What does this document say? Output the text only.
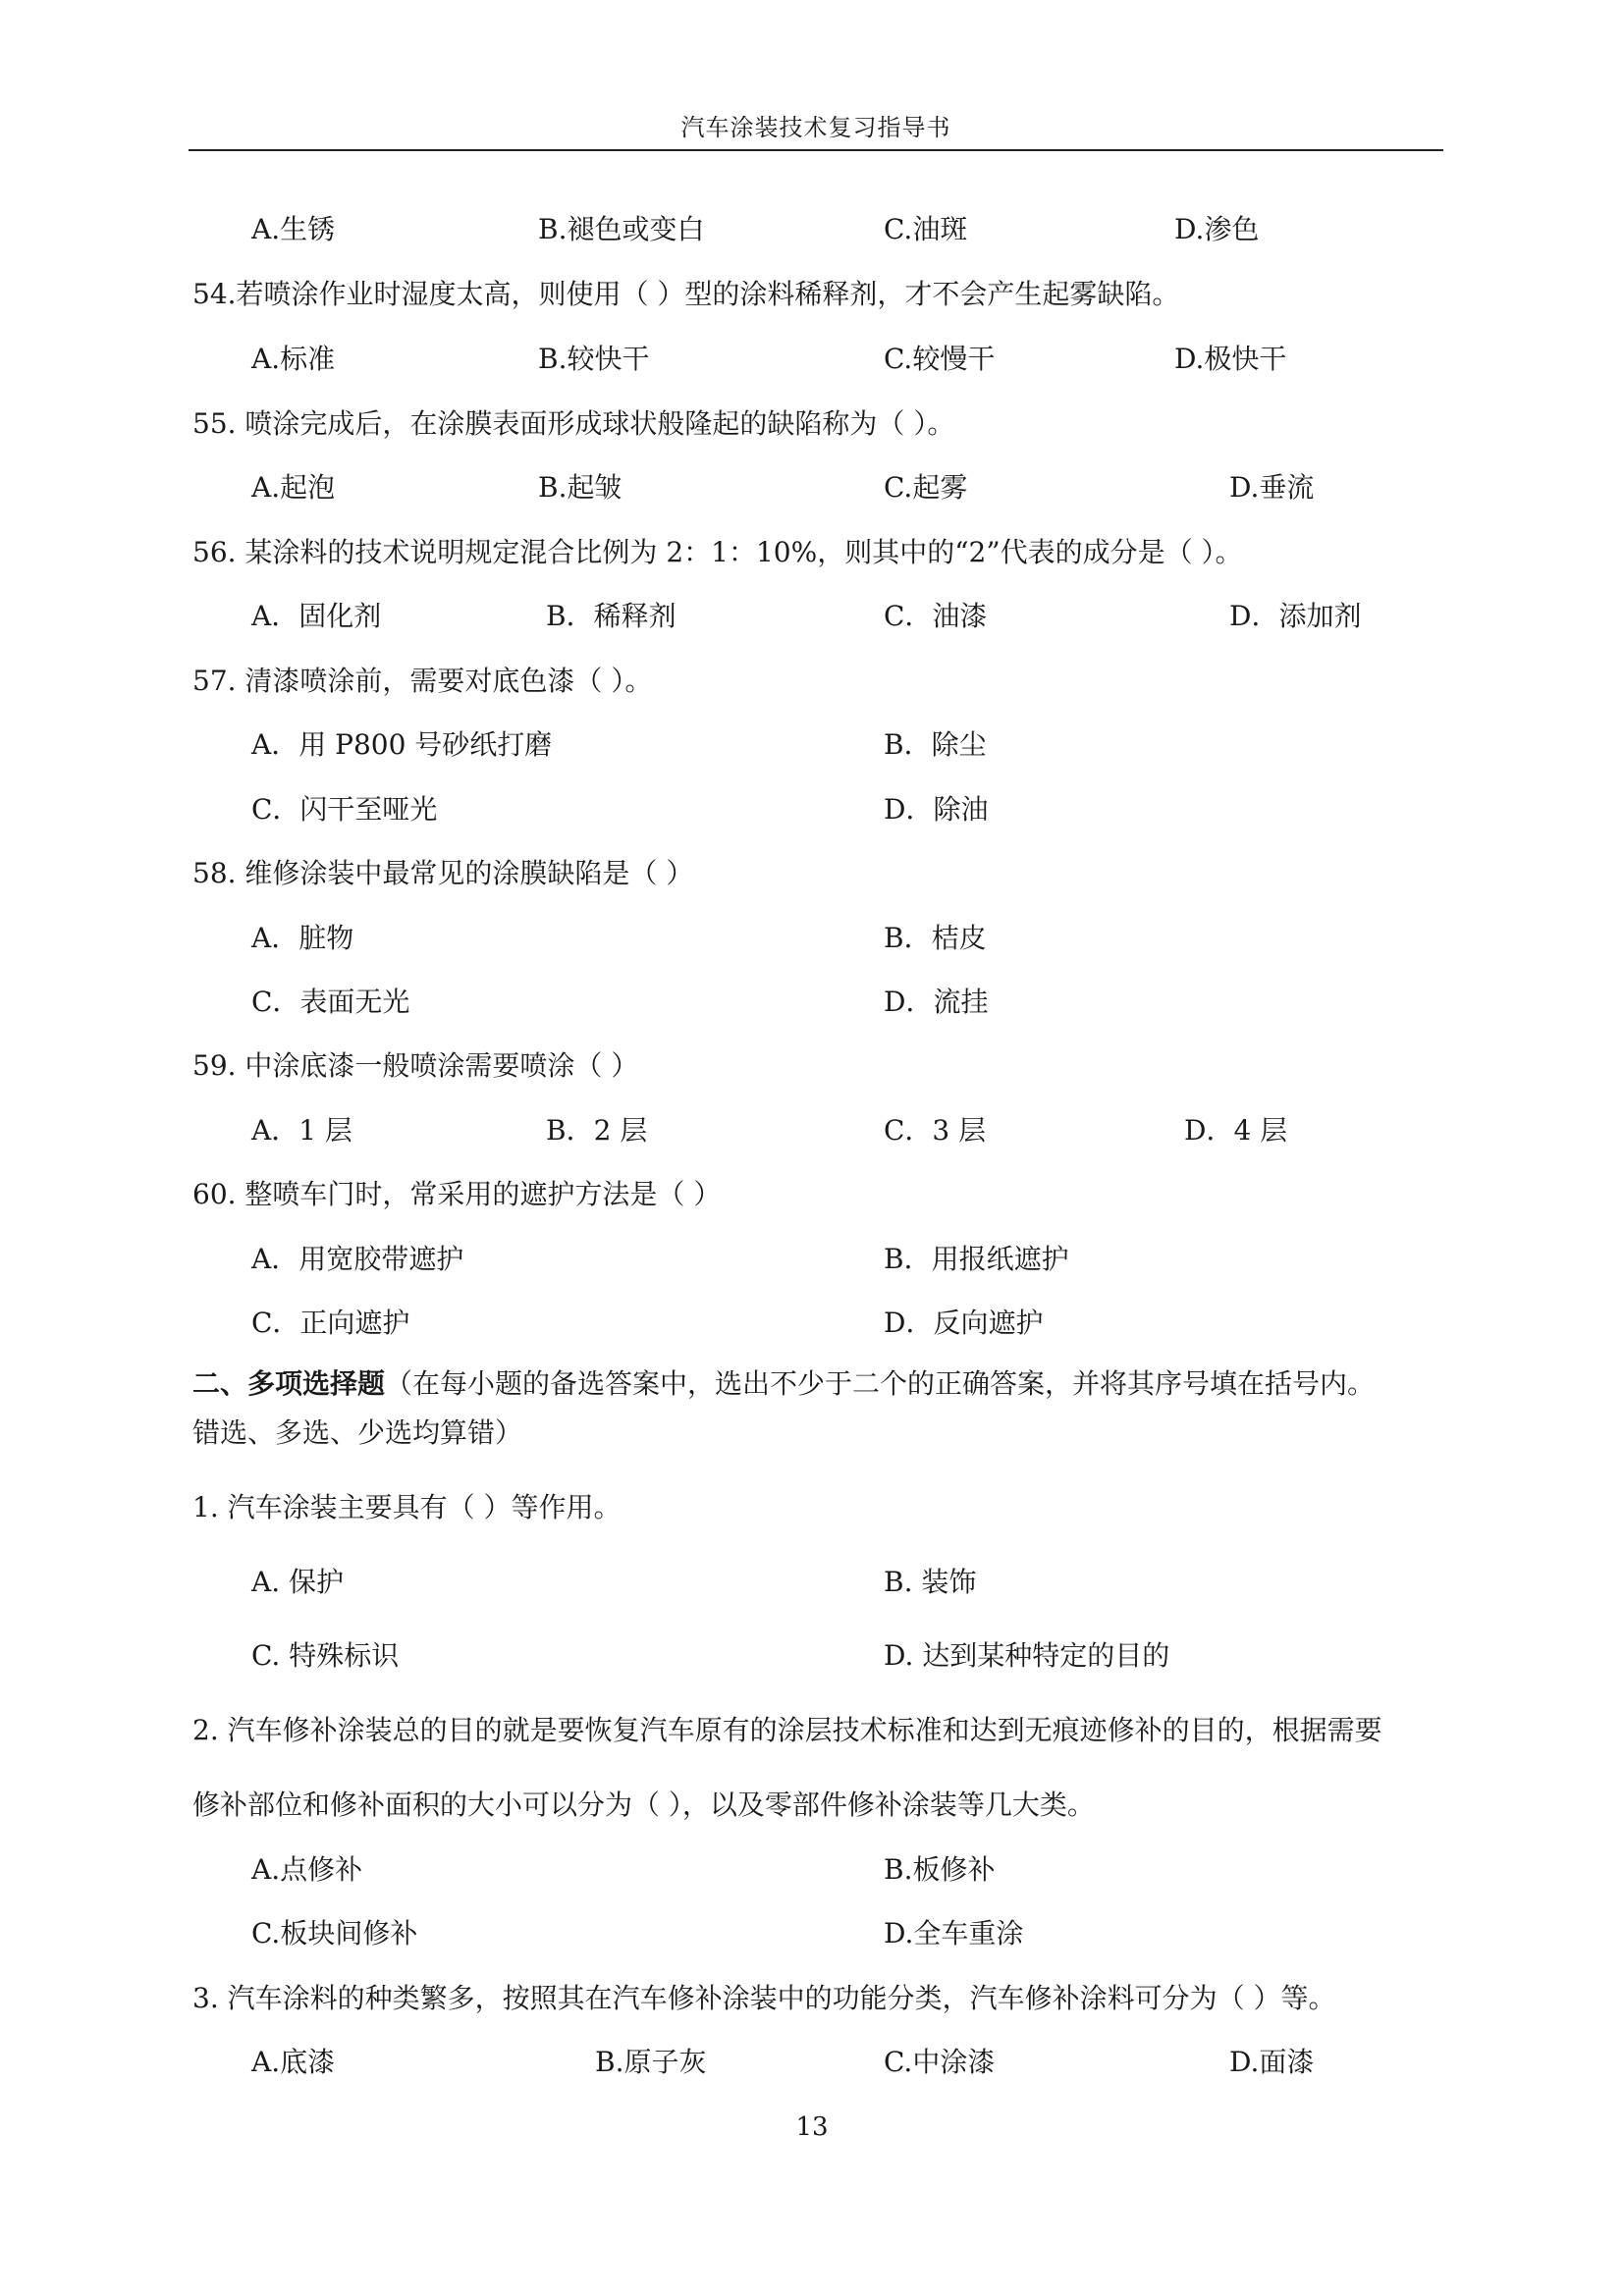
汽车涂装技术复习指导书
A.生锈	B.褪色或变白	C.油斑	D.渗色
54.若喷涂作业时湿度太高，则使用（ ）型的涂料稀释剂，才不会产生起雾缺陷。
A.标准	B.较快干	C.较慢干	D.极快干
55. 喷涂完成后，在涂膜表面形成球状般隆起的缺陷称为（ ）。
A.起泡	B.起皱	C.起雾	D.垂流
56. 某涂料的技术说明规定混合比例为 2：1：10%，则其中的“2”代表的成分是（ ）。
A．固化剂	B．稀释剂	C．油漆	D．添加剂
57. 清漆喷涂前，需要对底色漆（ ）。
A．用 P800 号砂纸打磨	B．除尘
C．闪干至哑光	D．除油
58. 维修涂装中最常见的涂膜缺陷是（ ）
A．脏物	B．桔皮
C．表面无光	D．流挂
59. 中涂底漆一般喷涂需要喷涂（ ）
A．1 层	B．2 层	C．3 层	D．4 层
60. 整喷车门时，常采用的遮护方法是（ ）
A．用宽胶带遮护	B．用报纸遮护
C．正向遮护	D．反向遮护
二、多项选择题（在每小题的备选答案中，选出不少于二个的正确答案，并将其序号填在括号内。
错选、多选、少选均算错）
1. 汽车涂装主要具有（ ）等作用。
A. 保护	B. 装饰
C. 特殊标识	D. 达到某种特定的目的
2. 汽车修补涂装总的目的就是要恢复汽车原有的涂层技术标准和达到无痕迹修补的目的，根据需要
修补部位和修补面积的大小可以分为（ ），以及零部件修补涂装等几大类。
A.点修补	B.板修补
C.板块间修补	D.全车重涂
3. 汽车涂料的种类繁多，按照其在汽车修补涂装中的功能分类，汽车修补涂料可分为（ ）等。
A.底漆	B.原子灰	C.中涂漆	D.面漆
13
